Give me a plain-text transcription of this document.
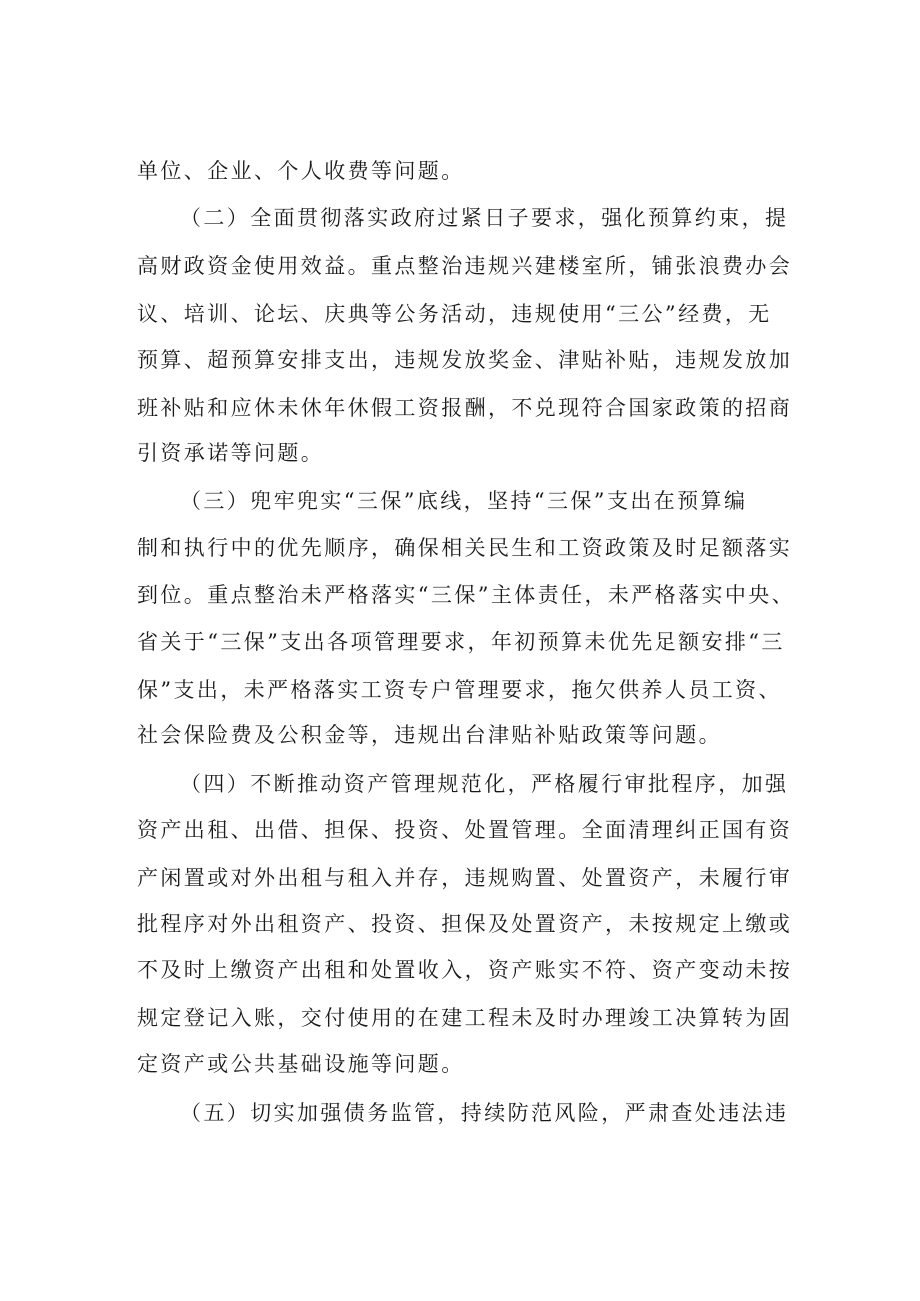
单位、企业、个人收费等问题。
（二）全面贯彻落实政府过紧日子要求，强化预算约束，提
高财政资金使用效益。重点整治违规兴建楼室所，铺张浪费办会
议、培训、论坛、庆典等公务活动，违规使用“三公”经费，无
预算、超预算安排支出，违规发放奖金、津贴补贴，违规发放加
班补贴和应休未休年休假工资报酬，不兑现符合国家政策的招商
引资承诺等问题。
（三）兜牢兜实“三保”底线，坚持“三保”支出在预算编
制和执行中的优先顺序，确保相关民生和工资政策及时足额落实
到位。重点整治未严格落实“三保”主体责任，未严格落实中央、
省关于“三保”支出各项管理要求，年初预算未优先足额安排“三
保”支出，未严格落实工资专户管理要求，拖欠供养人员工资、
社会保险费及公积金等，违规出台津贴补贴政策等问题。
（四）不断推动资产管理规范化，严格履行审批程序，加强
资产出租、出借、担保、投资、处置管理。全面清理纠正国有资
产闲置或对外出租与租入并存，违规购置、处置资产，未履行审
批程序对外出租资产、投资、担保及处置资产，未按规定上缴或
不及时上缴资产出租和处置收入，资产账实不符、资产变动未按
规定登记入账，交付使用的在建工程未及时办理竣工决算转为固
定资产或公共基础设施等问题。
（五）切实加强债务监管，持续防范风险，严肃查处违法违
